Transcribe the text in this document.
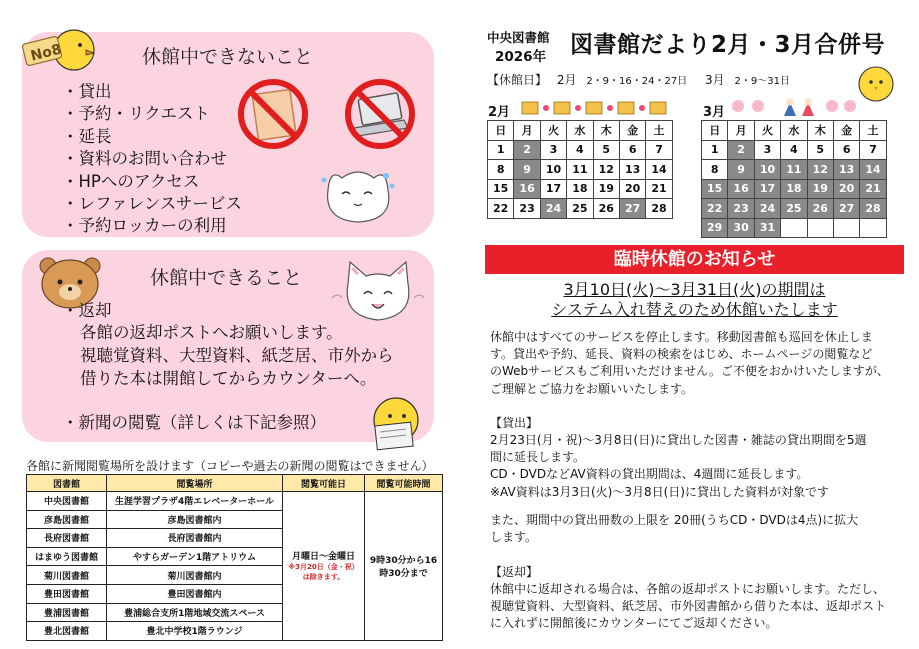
休館中できないこと
・ 貸出
・ 予約・リクエスト
・ 延長
・ 資料のお問い合わせ
・ HPへのアクセス
・ レファレンスサービス
・ 予約ロッカーの利用
No8
休館中できること
・ 返却
各館の返却ポストへお願いします。
視聴覚資料、大型資料、紙芝居、市外から
借りた本は開館してからカウンターへ。
・ 新聞の閲覧（詳しくは下記参照）
各館に新聞閲覧場所を設けます（コピーや過去の新聞の閲覧はできません）
図書館	閲覧場所	閲覧可能日	閲覧可能時間
中央図書館	生涯学習プラザ4階エレベーターホール	月曜日～金曜日
※3月20日（金・祝）は除きます。	9時30分から16時30分まで
彦島図書館	彦島図書館内		
長府図書館	長府図書館内		
はまゆう図書館	やすらガーデン1階アトリウム		
菊川図書館	菊川図書館内		
豊田図書館	豊田図書館内		
豊浦図書館	豊浦総合支所1階地域交流スペース		
豊北図書館	豊北中学校1階ラウンジ		
中央図書館
2026年 図書館だより2月・3月合併号
【休館日】 2月 2・9・16・24・27日 3月 2・9～31日
2月
日	月	火	水	木	金	土
1	2	3	4	5	6	7
8	9	10	11	12	13	14
15	16	17	18	19	20	21
22	23	24	25	26	27	28
3月
日	月	火	水	木	金	土
1	2	3	4	5	6	7
8	9	10	11	12	13	14
15	16	17	18	19	20	21
22	23	24	25	26	27	28
29	30	31				
臨時休館のお知らせ
3月10日(火)～3月31日(火)の期間は
システム入れ替えのため休館いたします
休館中はすべてのサービスを停止します。移動図書館も巡回を休止しま
す。貸出や予約、延長、資料の検索をはじめ、ホームページの閲覧など
のWebサービスもご利用いただけません。ご不便をおかけいたしますが、
ご理解とご協力をお願いいたします。
【貸出】
2月23日(月・祝)～3月8日(日)に貸出した図書・雑誌の貸出期間を5週
間に延長します。
CD・DVDなどAV資料の貸出期間は、4週間に延長します。
※AV資料は3月3日(火)～3月8日(日)に貸出した資料が対象です
また、期間中の貸出冊数の上限を 20冊(うちCD・DVDは4点)に拡大
します。
【返却】
休館中に返却される場合は、各館の返却ポストにお願いします。ただし、
視聴覚資料、大型資料、紙芝居、市外図書館から借りた本は、返却ポスト
に入れずに開館後にカウンターにてご返却ください。
